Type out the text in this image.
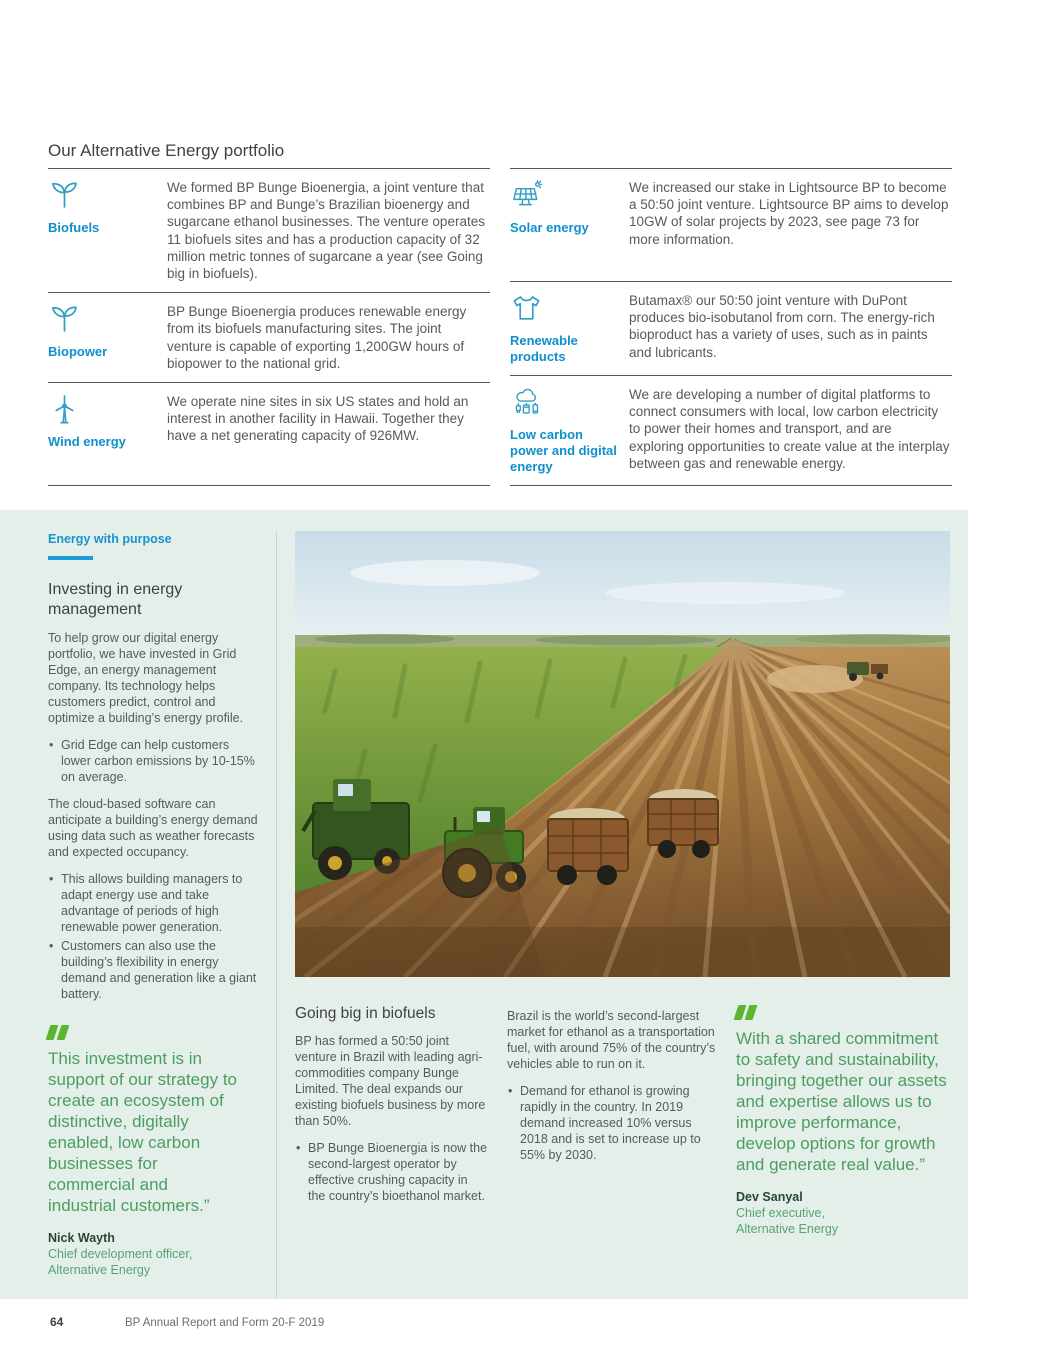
Our Alternative Energy portfolio
Biofuels
We formed BP Bunge Bioenergia, a joint venture that combines BP and Bunge’s Brazilian bioenergy and sugarcane ethanol businesses. The venture operates 11 biofuels sites and has a production capacity of 32 million metric tonnes of sugarcane a year (see Going big in biofuels).
Biopower
BP Bunge Bioenergia produces renewable energy from its biofuels manufacturing sites. The joint venture is capable of exporting 1,200GW hours of biopower to the national grid.
Wind energy
We operate nine sites in six US states and hold an interest in another facility in Hawaii. Together they have a net generating capacity of 926MW.
Solar energy
We increased our stake in Lightsource BP to become a 50:50 joint venture. Lightsource BP aims to develop 10GW of solar projects by 2023, see page 73 for more information.
Renewable products
Butamax® our 50:50 joint venture with DuPont produces bio-isobutanol from corn. The energy-rich bioproduct has a variety of uses, such as in paints and lubricants.
Low carbon power and digital energy
We are developing a number of digital platforms to connect consumers with local, low carbon electricity to power their homes and transport, and are exploring opportunities to create value at the interplay between gas and renewable energy.
Energy with purpose
Investing in energy management

To help grow our digital energy portfolio, we have invested in Grid Edge, an energy management company. Its technology helps customers predict, control and optimize a building’s energy profile.

• Grid Edge can help customers lower carbon emissions by 10-15% on average.

The cloud-based software can anticipate a building’s energy demand using data such as weather forecasts and expected occupancy.

• This allows building managers to adapt energy use and take advantage of periods of high renewable power generation.
• Customers can also use the building’s flexibility in energy demand and generation like a giant battery.
This investment is in support of our strategy to create an ecosystem of distinctive, digitally enabled, low carbon businesses for commercial and industrial customers.”
Nick Wayth
Chief development officer,
Alternative Energy
Going big in biofuels

BP has formed a 50:50 joint venture in Brazil with leading agri-commodities company Bunge Limited. The deal expands our existing biofuels business by more than 50%.

• BP Bunge Bioenergia is now the second-largest operator by effective crushing capacity in the country’s bioethanol market.

Brazil is the world’s second-largest market for ethanol as a transportation fuel, with around 75% of the country’s vehicles able to run on it.

• Demand for ethanol is growing rapidly in the country. In 2019 demand increased 10% versus 2018 and is set to increase up to 55% by 2030.
With a shared commitment to safety and sustainability, bringing together our assets and expertise allows us to improve performance, develop options for growth and generate real value.”
Dev Sanyal
Chief executive,
Alternative Energy
64	BP Annual Report and Form 20-F 2019
